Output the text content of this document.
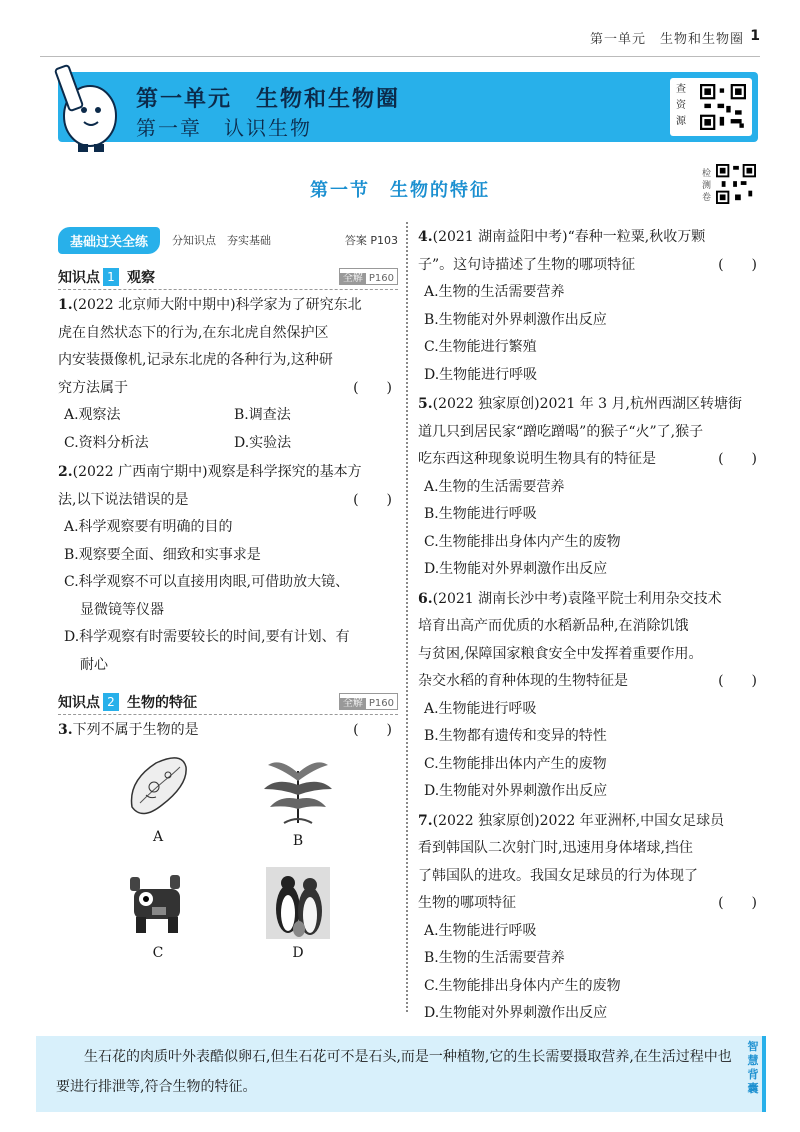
第一单元　生物和生物圈 1
第一单元　生物和生物圈
第一章　认识生物
查资源
第一节　生物的特征
检测卷
基础过关全练	分知识点　夯实基础	答案 P103
知识点 1 观察	全解 P160
1.(2022 北京师大附中期中)科学家为了研究东北
虎在自然状态下的行为,在东北虎自然保护区
内安装摄像机,记录东北虎的各种行为,这种研
究方法属于	(　　)
A.观察法	B.调查法
C.资料分析法	D.实验法
2.(2022 广西南宁期中)观察是科学探究的基本方
法,以下说法错误的是	(　　)
A.科学观察要有明确的目的
B.观察要全面、细致和实事求是
C.科学观察不可以直接用肉眼,可借助放大镜、
显微镜等仪器
D.科学观察有时需要较长的时间,要有计划、有
耐心
知识点 2 生物的特征	全解 P160
3.下列不属于生物的是	(　　)
A	B
C	D
4.(2021 湖南益阳中考)“春种一粒粟,秋收万颗
子”。这句诗描述了生物的哪项特征	(　　)
A.生物的生活需要营养
B.生物能对外界刺激作出反应
C.生物能进行繁殖
D.生物能进行呼吸
5.(2022 独家原创)2021 年 3 月,杭州西湖区转塘街
道几只到居民家“蹭吃蹭喝”的猴子“火”了,猴子
吃东西这种现象说明生物具有的特征是	(　　)
A.生物的生活需要营养
B.生物能进行呼吸
C.生物能排出身体内产生的废物
D.生物能对外界刺激作出反应
6.(2021 湖南长沙中考)袁隆平院士利用杂交技术
培育出高产而优质的水稻新品种,在消除饥饿
与贫困,保障国家粮食安全中发挥着重要作用。
杂交水稻的育种体现的生物特征是	(　　)
A.生物能进行呼吸
B.生物都有遗传和变异的特性
C.生物能排出体内产生的废物
D.生物能对外界刺激作出反应
7.(2022 独家原创)2022 年亚洲杯,中国女足球员
看到韩国队二次射门时,迅速用身体堵球,挡住
了韩国队的进攻。我国女足球员的行为体现了
生物的哪项特征	(　　)
A.生物能进行呼吸
B.生物的生活需要营养
C.生物能排出身体内产生的废物
D.生物能对外界刺激作出反应
生石花的肉质叶外表酷似卵石,但生石花可不是石头,而是一种植物,它的生长需要摄取营养,在生活过程中也要进行排泄等,符合生物的特征。
智慧背囊
